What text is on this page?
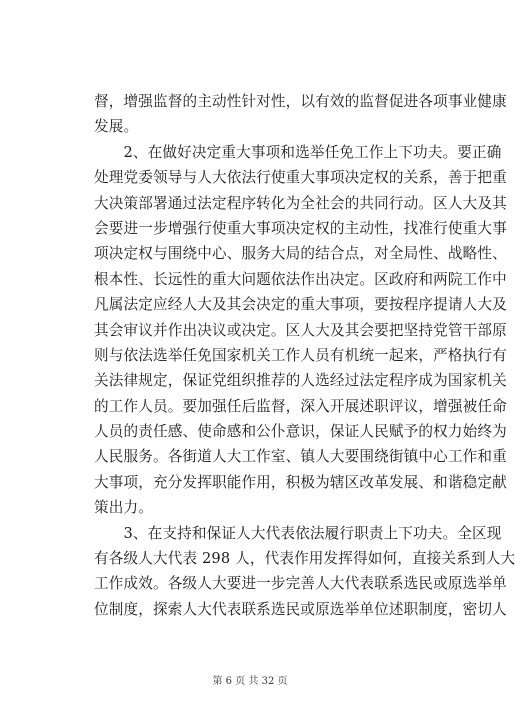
督，增强监督的主动性针对性，以有效的监督促进各项事业健康
发展。
　　2、在做好决定重大事项和选举任免工作上下功夫。要正确
处理党委领导与人大依法行使重大事项决定权的关系，善于把重
大决策部署通过法定程序转化为全社会的共同行动。区人大及其
会要进一步增强行使重大事项决定权的主动性，找准行使重大事
项决定权与围绕中心、服务大局的结合点，对全局性、战略性、
根本性、长远性的重大问题依法作出决定。区政府和两院工作中
凡属法定应经人大及其会决定的重大事项，要按程序提请人大及
其会审议并作出决议或决定。区人大及其会要把坚持党管干部原
则与依法选举任免国家机关工作人员有机统一起来，严格执行有
关法律规定，保证党组织推荐的人选经过法定程序成为国家机关
的工作人员。要加强任后监督，深入开展述职评议，增强被任命
人员的责任感、使命感和公仆意识，保证人民赋予的权力始终为
人民服务。各街道人大工作室、镇人大要围绕街镇中心工作和重
大事项，充分发挥职能作用，积极为辖区改革发展、和谐稳定献
策出力。
　　3、在支持和保证人大代表依法履行职责上下功夫。全区现
有各级人大代表 298 人，代表作用发挥得如何，直接关系到人大
工作成效。各级人大要进一步完善人大代表联系选民或原选举单
位制度，探索人大代表联系选民或原选举单位述职制度，密切人
第 6 页 共 32 页
